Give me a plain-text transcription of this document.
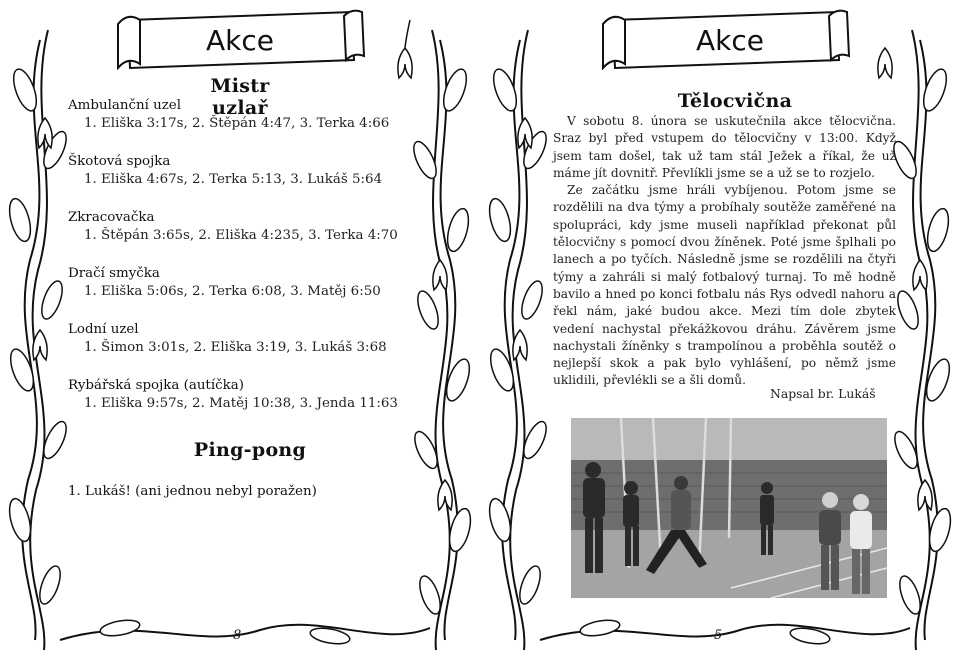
Akce
Mistr uzlař
Ambulanční uzel
1. Eliška 3:17s, 2. Štěpán 4:47, 3. Terka 4:66
Škotová spojka
1. Eliška 4:67s, 2. Terka 5:13, 3. Lukáš 5:64
Zkracovačka
1. Štěpán 3:65s, 2. Eliška 4:235, 3. Terka 4:70
Dračí smyčka
1. Eliška 5:06s, 2. Terka 6:08, 3. Matěj 6:50
Lodní uzel
1. Šimon 3:01s, 2. Eliška 3:19, 3. Lukáš 3:68
Rybářská spojka (autíčka)
1. Eliška 9:57s, 2. Matěj 10:38, 3. Jenda 11:63
Ping-pong
1. Lukáš! (ani jednou nebyl poražen)
Akce
Tělocvična

V sobotu 8. února se uskutečnila akce tělocvična. Sraz byl před vstupem do tělocvičny v 13:00. Když jsem tam došel, tak už tam stál Ježek a říkal, že už máme jít dovnitř. Převlíkli jsme se a už se to rozjelo.

Ze začátku jsme hráli vybíjenou. Potom jsme se rozdělili na dva týmy a probíhaly soutěže zaměřené na spolupráci, kdy jsme museli například překonat půl tělocvičny s pomocí dvou žíněnek. Poté jsme šplhali po lanech a po tyčích. Následně jsme se rozdělili na čtyři týmy a zahráli si malý fotbalový turnaj. To mě hodně bavilo a hned po konci fotbalu nás Rys odvedl nahoru a řekl nám, jaké budou akce. Mezi tím dole zbytek vedení nachystal překážkovou dráhu. Závěrem jsme nachystali žíněnky s trampolínou a proběhla soutěž o nejlepší skok a pak bylo vyhlášení, po němž jsme uklidili, převlékli se a šli domů.

Napsal br. Lukáš
8	5
